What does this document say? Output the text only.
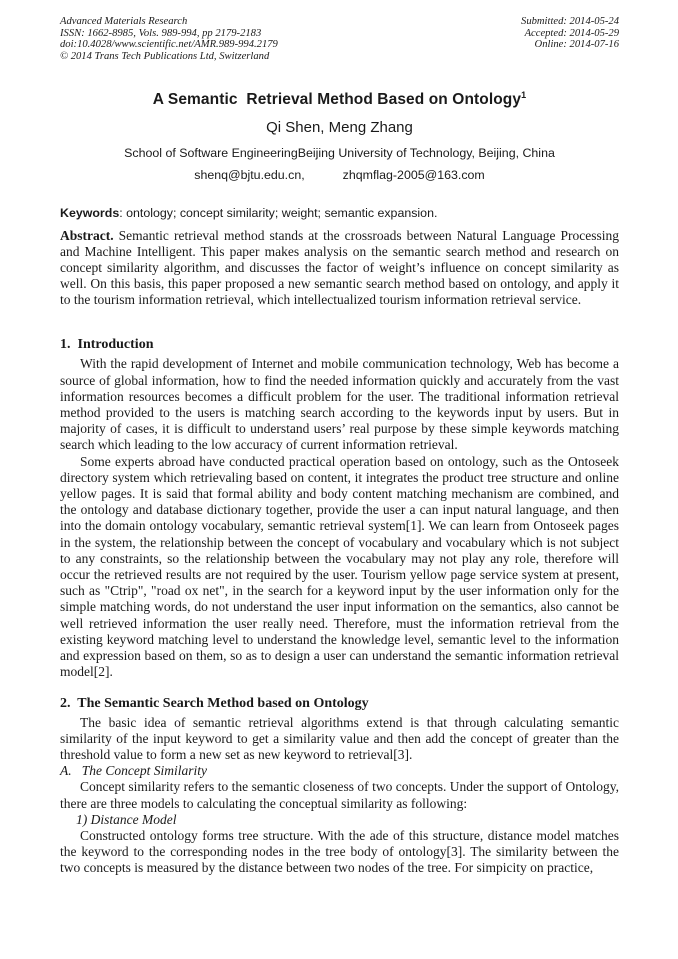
Advanced Materials Research
ISSN: 1662-8985, Vols. 989-994, pp 2179-2183
doi:10.4028/www.scientific.net/AMR.989-994.2179
© 2014 Trans Tech Publications Ltd, Switzerland
Submitted: 2014-05-24
Accepted: 2014-05-29
Online: 2014-07-16
A Semantic  Retrieval Method Based on Ontology$^1$
Qi Shen, Meng Zhang
School of Software EngineeringBeijing University of Technology, Beijing, China
shenq@bjtu.edu.cn,	zhqmflag-2005@163.com

Keywords: ontology; concept similarity; weight; semantic expansion.

Abstract. Semantic retrieval method stands at the crossroads between Natural Language Processing and Machine Intelligent. This paper makes analysis on the semantic search method and research on concept similarity algorithm, and discusses the factor of weight’s influence on concept similarity as well. On this basis, this paper proposed a new semantic search method based on ontology, and apply it to the tourism information retrieval, which intellectualized tourism information retrieval service.

1.  Introduction

With the rapid development of Internet and mobile communication technology, Web has become a source of global information, how to find the needed information quickly and accurately from the vast information resources becomes a difficult problem for the user. The traditional information retrieval method provided to the users is matching search according to the keywords input by users. But in majority of cases, it is difficult to understand users’ real purpose by these simple keywords matching search which leading to the low accuracy of current information retrieval.

Some experts abroad have conducted practical operation based on ontology, such as the Ontoseek directory system which retrievaling based on content, it integrates the product tree structure and online yellow pages. It is said that formal ability and body content matching mechanism are combined, and the ontology and database dictionary together, provide the user a can input natural language, and then into the domain ontology vocabulary, semantic retrieval system[1]. We can learn from Ontoseek pages in the system, the relationship between the concept of vocabulary and vocabulary which is not subject to any constraints, so the relationship between the vocabulary may not play any role, therefore will occur the retrieved results are not required by the user. Tourism yellow page service system at present, such as "Ctrip", "road ox net", in the search for a keyword input by the user information only for the simple matching words, do not understand the user input information on the semantics, also cannot be well retrieved information the user really need. Therefore, must the information retrieval from the existing keyword matching level to understand the knowledge level, semantic level to the information and expression based on them, so as to design a user can understand the semantic information retrieval model[2].

2.  The Semantic Search Method based on Ontology

The basic idea of semantic retrieval algorithms extend is that through calculating semantic similarity of the input keyword to get a similarity value and then add the concept of greater than the threshold value to form a new set as new keyword to retrieval[3].

A.   The Concept Similarity

Concept similarity refers to the semantic closeness of two concepts. Under the support of Ontology, there are three models to calculating the conceptual similarity as following:

1) Distance Model

Constructed ontology forms tree structure. With the ade of this structure, distance model matches the keyword to the corresponding nodes in the tree body of ontology[3]. The similarity between the two concepts is measured by the distance between two nodes of the tree. For simpicity on practice,
